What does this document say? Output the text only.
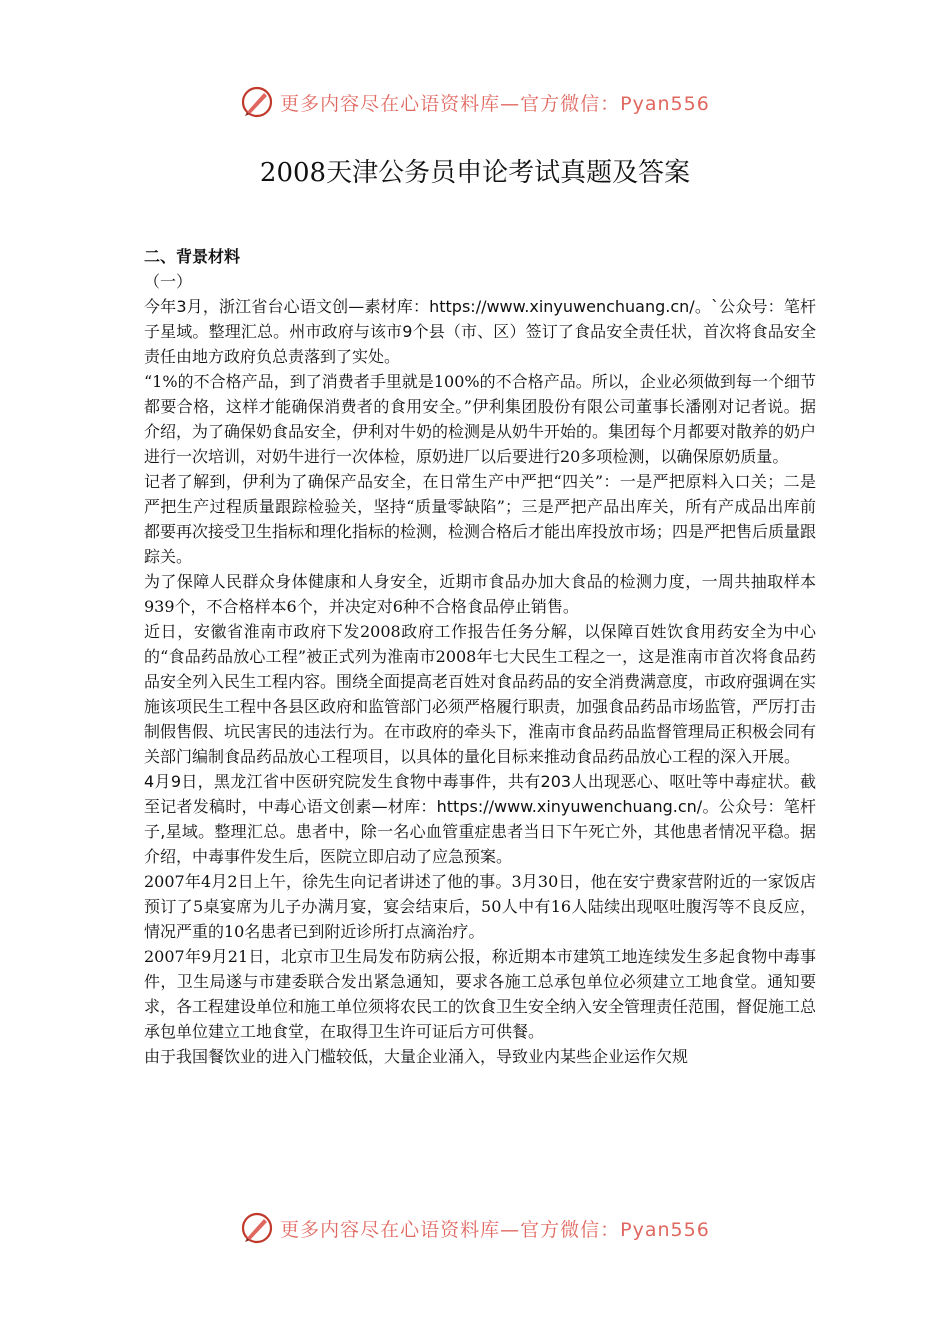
更多内容尽在心语资料库—官方微信：Pyan556
2008天津公务员申论考试真题及答案

二、背景材料

（一）

今年3月，浙江省台心语文创—素材库：https://www.xinyuwenchuang.cn/。`公众号：笔杆子星域。整理汇总。州市政府与该市9个县（市、区）签订了食品安全责任状，首次将食品安全责任由地方政府负总责落到了实处。

“1%的不合格产品，到了消费者手里就是100%的不合格产品。所以，企业必须做到每一个细节都要合格，这样才能确保消费者的食用安全。”伊利集团股份有限公司董事长潘刚对记者说。据介绍，为了确保奶食品安全，伊利对牛奶的检测是从奶牛开始的。集团每个月都要对散养的奶户进行一次培训，对奶牛进行一次体检，原奶进厂以后要进行20多项检测，以确保原奶质量。

记者了解到，伊利为了确保产品安全，在日常生产中严把“四关”：一是严把原料入口关；二是严把生产过程质量跟踪检验关，坚持“质量零缺陷”；三是严把产品出库关，所有产成品出库前都要再次接受卫生指标和理化指标的检测，检测合格后才能出库投放市场；四是严把售后质量跟踪关。

为了保障人民群众身体健康和人身安全，近期市食品办加大食品的检测力度，一周共抽取样本939个，不合格样本6个，并决定对6种不合格食品停止销售。

近日，安徽省淮南市政府下发2008政府工作报告任务分解，以保障百姓饮食用药安全为中心的“食品药品放心工程”被正式列为淮南市2008年七大民生工程之一，这是淮南市首次将食品药品安全列入民生工程内容。围绕全面提高老百姓对食品药品的安全消费满意度，市政府强调在实施该项民生工程中各县区政府和监管部门必须严格履行职责，加强食品药品市场监管，严厉打击制假售假、坑民害民的违法行为。在市政府的牵头下，淮南市食品药品监督管理局正积极会同有关部门编制食品药品放心工程项目，以具体的量化目标来推动食品药品放心工程的深入开展。

4月9日，黑龙江省中医研究院发生食物中毒事件，共有203人出现恶心、呕吐等中毒症状。截至记者发稿时，中毒心语文创素—材库：https://www.xinyuwenchuang.cn/。公众号：笔杆子,星域。整理汇总。患者中，除一名心血管重症患者当日下午死亡外，其他患者情况平稳。据介绍，中毒事件发生后，医院立即启动了应急预案。

2007年4月2日上午，徐先生向记者讲述了他的事。3月30日，他在安宁费家营附近的一家饭店预订了5桌宴席为儿子办满月宴，宴会结束后，50人中有16人陆续出现呕吐腹泻等不良反应，情况严重的10名患者已到附近诊所打点滴治疗。

2007年9月21日，北京市卫生局发布防病公报，称近期本市建筑工地连续发生多起食物中毒事件，卫生局遂与市建委联合发出紧急通知，要求各施工总承包单位必须建立工地食堂。通知要求，各工程建设单位和施工单位须将农民工的饮食卫生安全纳入安全管理责任范围，督促施工总承包单位建立工地食堂，在取得卫生许可证后方可供餐。

由于我国餐饮业的进入门槛较低，大量企业涌入，导致业内某些企业运作欠规

更多内容尽在心语资料库—官方微信：Pyan556
